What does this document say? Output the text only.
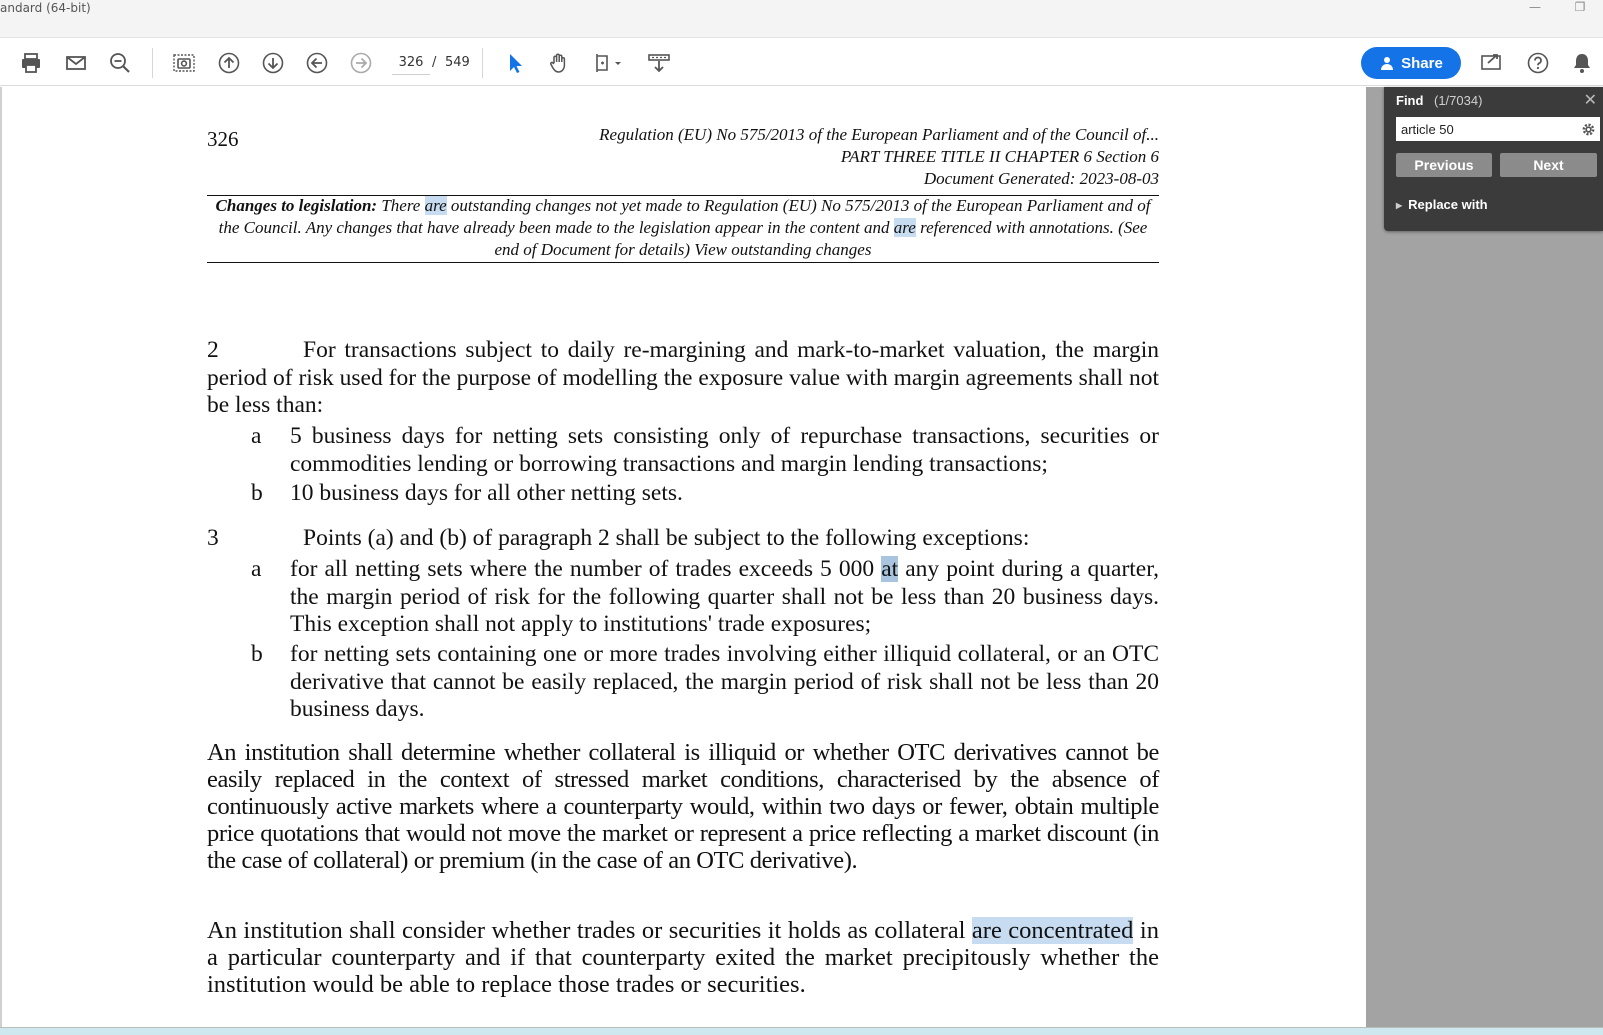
andard (64-bit)	—	❐
326
/ 549	Share
326	Regulation (EU) No 575/2013 of the European Parliament and of the Council of...
PART THREE TITLE II CHAPTER 6 Section 6
Document Generated: 2023-08-03
Changes to legislation: There are outstanding changes not yet made to Regulation (EU) No 575/2013 of the European Parliament and of the Council. Any changes that have already been made to the legislation appear in the content and are referenced with annotations. (See end of Document for details) View outstanding changes
2	For transactions subject to daily re-margining and mark-to-market valuation, the margin period of risk used for the purpose of modelling the exposure value with margin agreements shall not be less than:
a 5 business days for netting sets consisting only of repurchase transactions, securities or commodities lending or borrowing transactions and margin lending transactions;
b 10 business days for all other netting sets.
3	Points (a) and (b) of paragraph 2 shall be subject to the following exceptions:
a for all netting sets where the number of trades exceeds 5 000 at any point during a quarter, the margin period of risk for the following quarter shall not be less than 20 business days. This exception shall not apply to institutions' trade exposures;
b for netting sets containing one or more trades involving either illiquid collateral, or an OTC derivative that cannot be easily replaced, the margin period of risk shall not be less than 20 business days.
An institution shall determine whether collateral is illiquid or whether OTC derivatives cannot be easily replaced in the context of stressed market conditions, characterised by the absence of continuously active markets where a counterparty would, within two days or fewer, obtain multiple price quotations that would not move the market or represent a price reflecting a market discount (in the case of collateral) or premium (in the case of an OTC derivative).
An institution shall consider whether trades or securities it holds as collateral are concentrated in a particular counterparty and if that counterparty exited the market precipitously whether the institution would be able to replace those trades or securities.
Find (1/7034)	✕
article 50
Previous	Next
▶ Replace with
